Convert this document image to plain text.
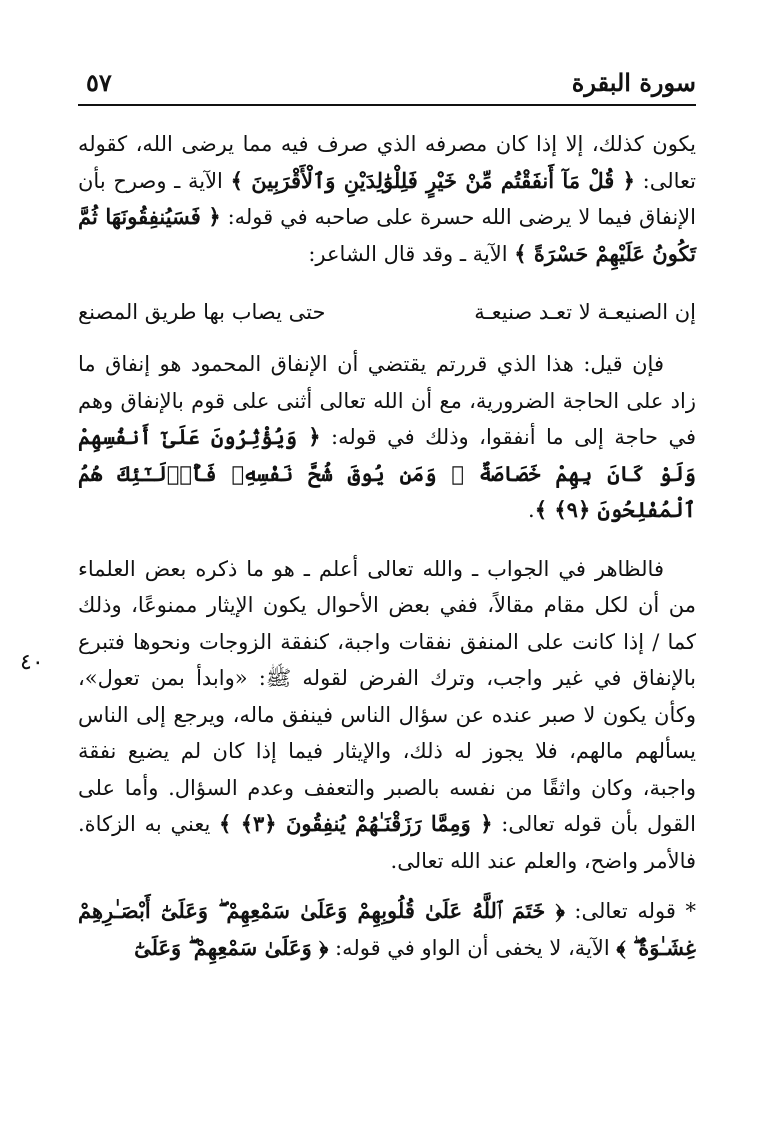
سورة البقرة
٥٧
٤٠

يكون كذلك، إلا إذا كان مصرفه الذي صرف فيه مما يرضى الله، كقوله تعالى: ﴿ قُلْ مَآ أَنفَقْتُم مِّنْ خَيْرٍ فَلِلْوَٰلِدَيْنِ وَٱلْأَقْرَبِينَ ﴾ الآية ـ وصرح بأن الإنفاق فيما لا يرضى الله حسرة على صاحبه في قوله: ﴿ فَسَيُنفِقُونَهَا ثُمَّ تَكُونُ عَلَيْهِمْ حَسْرَةً ﴾ الآية ـ وقد قال الشاعر:

إن الصنيعـة لا تعـد صنيعـة
حتى يصاب بها طريق المصنع

فإن قيل: هذا الذي قررتم يقتضي أن الإنفاق المحمود هو إنفاق ما زاد على الحاجة الضرورية، مع أن الله تعالى أثنى على قوم بالإنفاق وهم في حاجة إلى ما أنفقوا، وذلك في قوله: ﴿ وَيُؤْثِرُونَ عَلَىٰٓ أَنفُسِهِمْ وَلَوْ كَانَ بِهِمْ خَصَاصَةٌ ۚ وَمَن يُوقَ شُحَّ نَفْسِهِۦ فَأُو۟لَـٰٓئِكَ هُمُ ٱلْمُفْلِحُونَ ﴿٩﴾ ﴾.

فالظاهر في الجواب ـ والله تعالى أعلم ـ هو ما ذكره بعض العلماء من أن لكل مقام مقالاً، ففي بعض الأحوال يكون الإيثار ممنوعًا، وذلك كما / إذا كانت على المنفق نفقات واجبة، كنفقة الزوجات ونحوها فتبرع بالإنفاق في غير واجب، وترك الفرض لقوله ﷺ: «وابدأ بمن تعول»، وكأن يكون لا صبر عنده عن سؤال الناس فينفق ماله، ويرجع إلى الناس يسألهم مالهم، فلا يجوز له ذلك، والإيثار فيما إذا كان لم يضيع نفقة واجبة، وكان واثقًا من نفسه بالصبر والتعفف وعدم السؤال. وأما على القول بأن قوله تعالى: ﴿ وَمِمَّا رَزَقْنَـٰهُمْ يُنفِقُونَ ﴿٣﴾ ﴾ يعني به الزكاة. فالأمر واضح، والعلم عند الله تعالى.

* قوله تعالى: ﴿ خَتَمَ ٱللَّهُ عَلَىٰ قُلُوبِهِمْ وَعَلَىٰ سَمْعِهِمْ ۖ وَعَلَىٰٓ أَبْصَـٰرِهِمْ غِشَـٰوَةٌ ۖ ﴾ الآية، لا يخفى أن الواو في قوله: ﴿ وَعَلَىٰ سَمْعِهِمْ ۖ وَعَلَىٰٓ
